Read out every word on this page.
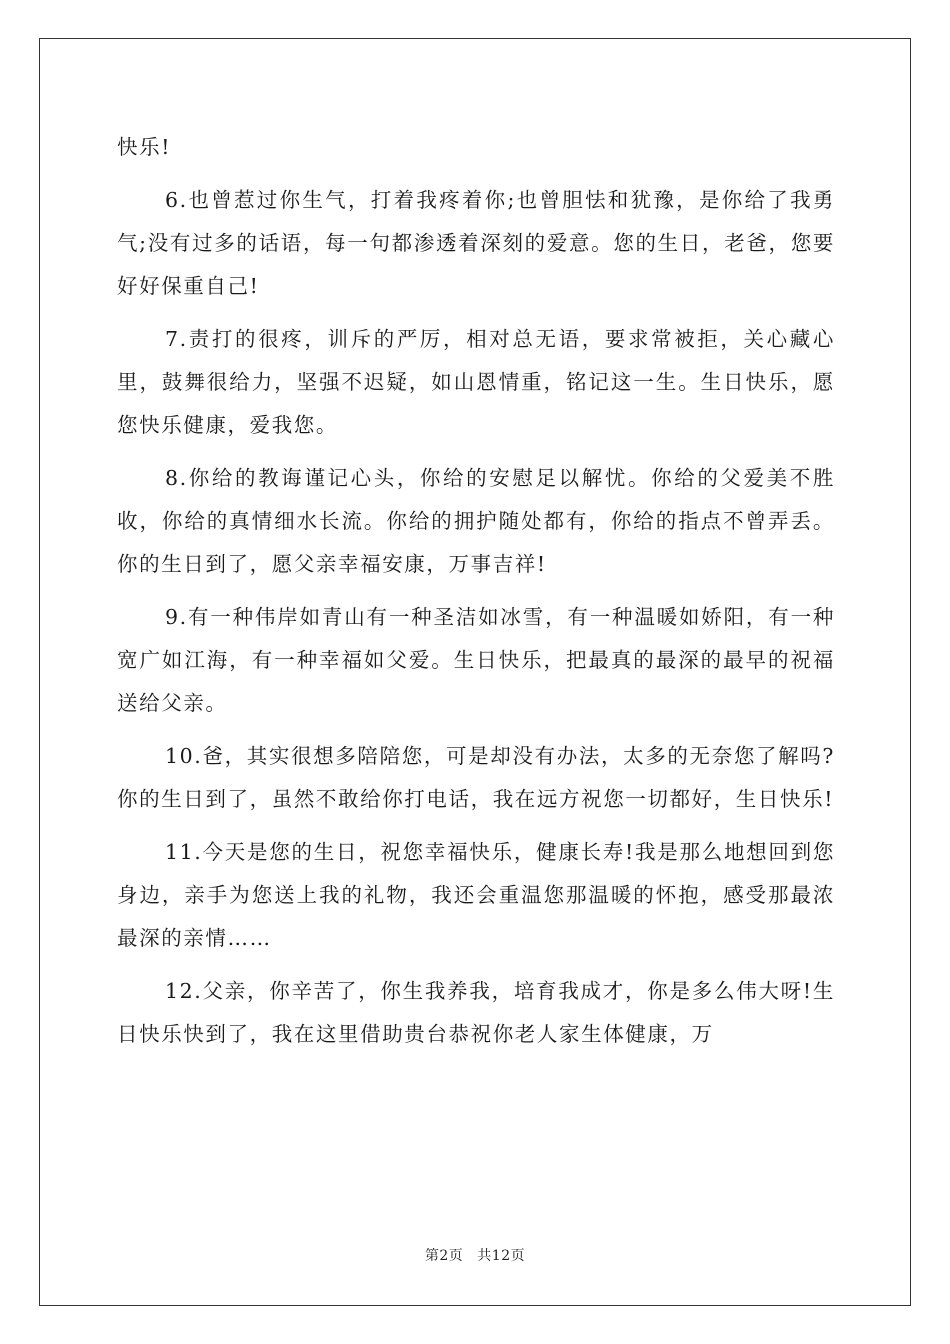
快乐!

6.也曾惹过你生气，打着我疼着你;也曾胆怯和犹豫，是你给了我勇气;没有过多的话语，每一句都渗透着深刻的爱意。您的生日，老爸，您要好好保重自己!

7.责打的很疼，训斥的严厉，相对总无语，要求常被拒，关心藏心里，鼓舞很给力，坚强不迟疑，如山恩情重，铭记这一生。生日快乐，愿您快乐健康，爱我您。

8.你给的教诲谨记心头，你给的安慰足以解忧。你给的父爱美不胜收，你给的真情细水长流。你给的拥护随处都有，你给的指点不曾弄丢。你的生日到了，愿父亲幸福安康，万事吉祥!

9.有一种伟岸如青山有一种圣洁如冰雪，有一种温暖如娇阳，有一种宽广如江海，有一种幸福如父爱。生日快乐，把最真的最深的最早的祝福送给父亲。

10.爸，其实很想多陪陪您，可是却没有办法，太多的无奈您了解吗?你的生日到了，虽然不敢给你打电话，我在远方祝您一切都好，生日快乐!

11.今天是您的生日，祝您幸福快乐，健康长寿!我是那么地想回到您身边，亲手为您送上我的礼物，我还会重温您那温暖的怀抱，感受那最浓最深的亲情……

12.父亲，你辛苦了，你生我养我，培育我成才，你是多么伟大呀!生日快乐快到了，我在这里借助贵台恭祝你老人家生体健康，万

第2页 共12页
